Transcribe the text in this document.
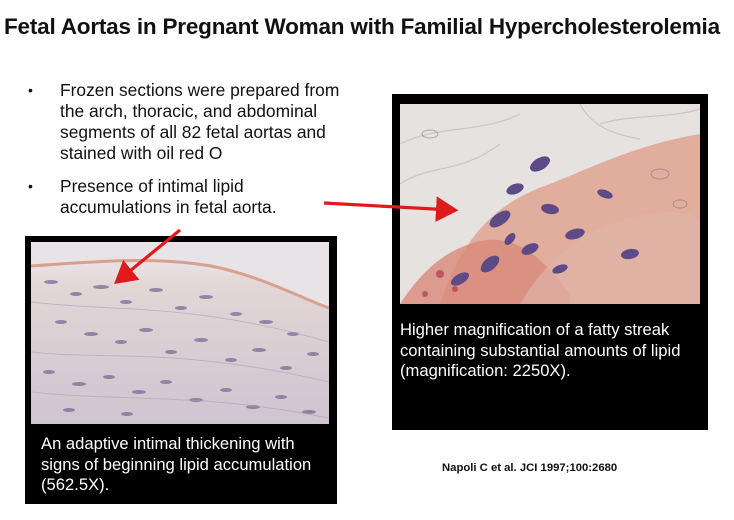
Fetal Aortas in Pregnant Woman with Familial Hypercholesterolemia
• Frozen sections were prepared from the arch, thoracic, and abdominal segments of all 82 fetal aortas and stained with oil red O
• Presence of intimal lipid accumulations in fetal aorta.
An adaptive intimal thickening with signs of beginning lipid accumulation (562.5X).
Higher magnification of a fatty streak containing substantial amounts of lipid (magnification: 2250X).
Napoli C et al. JCI 1997;100:2680
